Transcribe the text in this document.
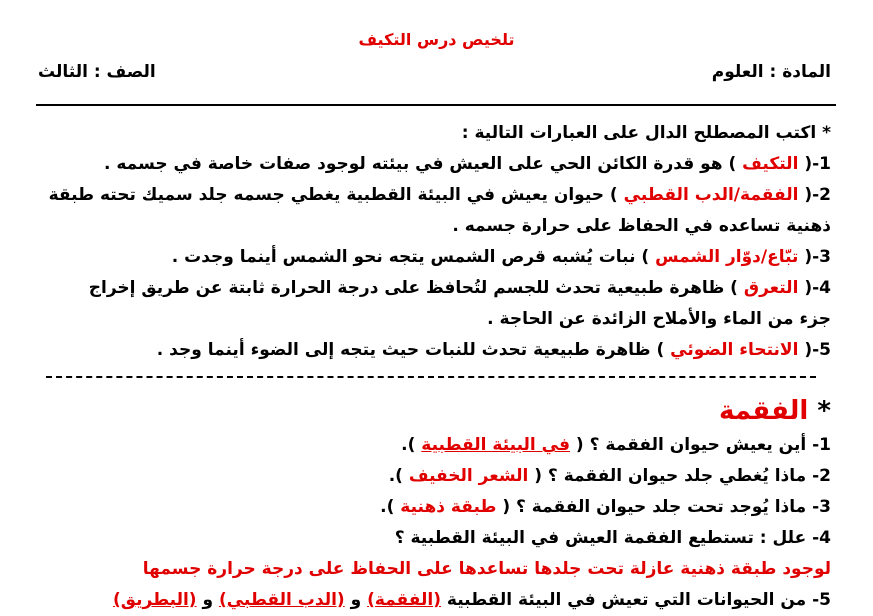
تلخيص درس التكيف
المادة : العلوم
الصف : الثالث
* اكتب المصطلح الدال على العبارات التالية :
1-( التكيف ) هو قدرة الكائن الحي على العيش في بيئته لوجود صفات خاصة في جسمه .
2-( الفقمة/الدب القطبي ) حيوان يعيش في البيئة القطبية يغطي جسمه جلد سميك تحته طبقة
ذهنية تساعده في الحفاظ على حرارة جسمه .
3-( تبّاع/دوّار الشمس ) نبات يُشبه قرص الشمس يتجه نحو الشمس أينما وجدت .
4-( التعرق ) ظاهرة طبيعية تحدث للجسم لتُحافظ على درجة الحرارة ثابتة عن طريق إخراج
جزء من الماء والأملاح الزائدة عن الحاجة .
5-( الانتحاء الضوئي ) ظاهرة طبيعية تحدث للنبات حيث يتجه إلى الضوء أينما وجد .
* الفقمة
1- أين يعيش حيوان الفقمة ؟ ( في البيئة القطبية ).
2- ماذا يُغطي جلد حيوان الفقمة ؟ ( الشعر الخفيف ).
3- ماذا يُوجد تحت جلد حيوان الفقمة ؟ ( طبقة ذهنية ).
4- علل : تستطيع الفقمة العيش في البيئة القطبية ؟
لوجود طبقة ذهنية عازلة تحت جلدها تساعدها على الحفاظ على درجة حرارة جسمها
5- من الحيوانات التي تعيش في البيئة القطبية (الفقمة) و (الدب القطبي) و (البطريق)
